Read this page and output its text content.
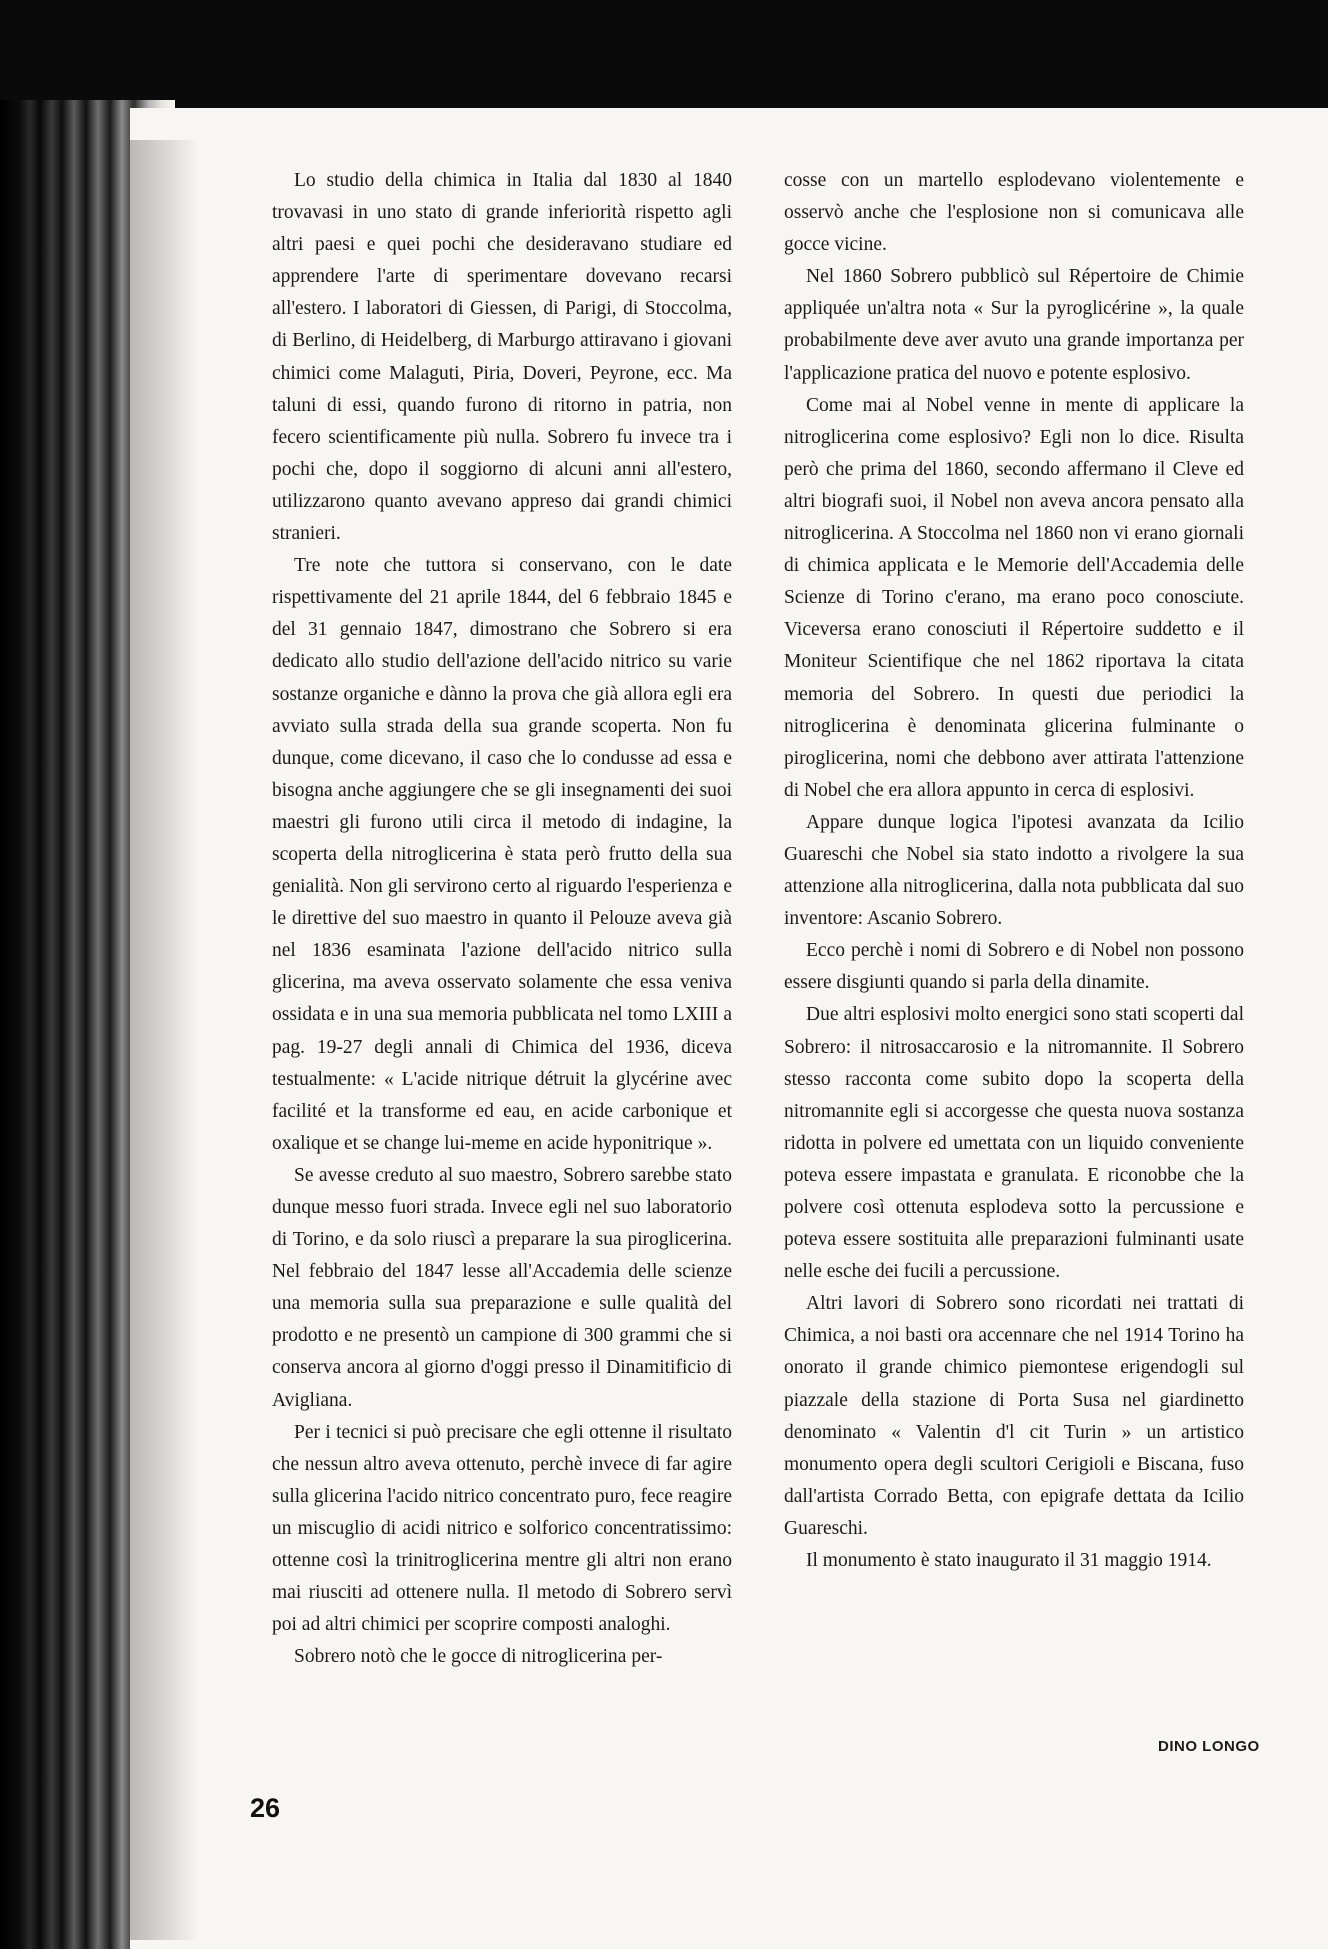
Lo studio della chimica in Italia dal 1830 al 1840 trovavasi in uno stato di grande inferiorità rispetto agli altri paesi e quei pochi che desideravano studiare ed apprendere l'arte di sperimentare dovevano recarsi all'estero. I laboratori di Giessen, di Parigi, di Stoccolma, di Berlino, di Heidelberg, di Marburgo attiravano i giovani chimici come Malaguti, Piria, Doveri, Peyrone, ecc. Ma taluni di essi, quando furono di ritorno in patria, non fecero scientificamente più nulla. Sobrero fu invece tra i pochi che, dopo il soggiorno di alcuni anni all'estero, utilizzarono quanto avevano appreso dai grandi chimici stranieri.

Tre note che tuttora si conservano, con le date rispettivamente del 21 aprile 1844, del 6 febbraio 1845 e del 31 gennaio 1847, dimostrano che Sobrero si era dedicato allo studio dell'azione dell'acido nitrico su varie sostanze organiche e dànno la prova che già allora egli era avviato sulla strada della sua grande scoperta. Non fu dunque, come dicevano, il caso che lo condusse ad essa e bisogna anche aggiungere che se gli insegnamenti dei suoi maestri gli furono utili circa il metodo di indagine, la scoperta della nitroglicerina è stata però frutto della sua genialità. Non gli servirono certo al riguardo l'esperienza e le direttive del suo maestro in quanto il Pelouze aveva già nel 1836 esaminata l'azione dell'acido nitrico sulla glicerina, ma aveva osservato solamente che essa veniva ossidata e in una sua memoria pubblicata nel tomo LXIII a pag. 19-27 degli annali di Chimica del 1936, diceva testualmente: « L'acide nitrique détruit la glycérine avec facilité et la transforme ed eau, en acide carbonique et oxalique et se change lui-meme en acide hyponitrique ».

Se avesse creduto al suo maestro, Sobrero sarebbe stato dunque messo fuori strada. Invece egli nel suo laboratorio di Torino, e da solo riuscì a preparare la sua piroglicerina. Nel febbraio del 1847 lesse all'Accademia delle scienze una memoria sulla sua preparazione e sulle qualità del prodotto e ne presentò un campione di 300 grammi che si conserva ancora al giorno d'oggi presso il Dinamitificio di Avigliana.

Per i tecnici si può precisare che egli ottenne il risultato che nessun altro aveva ottenuto, perchè invece di far agire sulla glicerina l'acido nitrico concentrato puro, fece reagire un miscuglio di acidi nitrico e solforico concentratissimo: ottenne così la trinitroglicerina mentre gli altri non erano mai riusciti ad ottenere nulla. Il metodo di Sobrero servì poi ad altri chimici per scoprire composti analoghi.

Sobrero notò che le gocce di nitroglicerina per-

cosse con un martello esplodevano violentemente e osservò anche che l'esplosione non si comunicava alle gocce vicine.

Nel 1860 Sobrero pubblicò sul Répertoire de Chimie appliquée un'altra nota « Sur la pyroglicérine », la quale probabilmente deve aver avuto una grande importanza per l'applicazione pratica del nuovo e potente esplosivo.

Come mai al Nobel venne in mente di applicare la nitroglicerina come esplosivo? Egli non lo dice. Risulta però che prima del 1860, secondo affermano il Cleve ed altri biografi suoi, il Nobel non aveva ancora pensato alla nitroglicerina. A Stoccolma nel 1860 non vi erano giornali di chimica applicata e le Memorie dell'Accademia delle Scienze di Torino c'erano, ma erano poco conosciute. Viceversa erano conosciuti il Répertoire suddetto e il Moniteur Scientifique che nel 1862 riportava la citata memoria del Sobrero. In questi due periodici la nitroglicerina è denominata glicerina fulminante o piroglicerina, nomi che debbono aver attirata l'attenzione di Nobel che era allora appunto in cerca di esplosivi.

Appare dunque logica l'ipotesi avanzata da Icilio Guareschi che Nobel sia stato indotto a rivolgere la sua attenzione alla nitroglicerina, dalla nota pubblicata dal suo inventore: Ascanio Sobrero.

Ecco perchè i nomi di Sobrero e di Nobel non possono essere disgiunti quando si parla della dinamite.

Due altri esplosivi molto energici sono stati scoperti dal Sobrero: il nitrosaccarosio e la nitromannite. Il Sobrero stesso racconta come subito dopo la scoperta della nitromannite egli si accorgesse che questa nuova sostanza ridotta in polvere ed umettata con un liquido conveniente poteva essere impastata e granulata. E riconobbe che la polvere così ottenuta esplodeva sotto la percussione e poteva essere sostituita alle preparazioni fulminanti usate nelle esche dei fucili a percussione.

Altri lavori di Sobrero sono ricordati nei trattati di Chimica, a noi basti ora accennare che nel 1914 Torino ha onorato il grande chimico piemontese erigendogli sul piazzale della stazione di Porta Susa nel giardinetto denominato « Valentin d'l cit Turin » un artistico monumento opera degli scultori Cerigioli e Biscana, fuso dall'artista Corrado Betta, con epigrafe dettata da Icilio Guareschi.

Il monumento è stato inaugurato il 31 maggio 1914.

DINO LONGO
26
